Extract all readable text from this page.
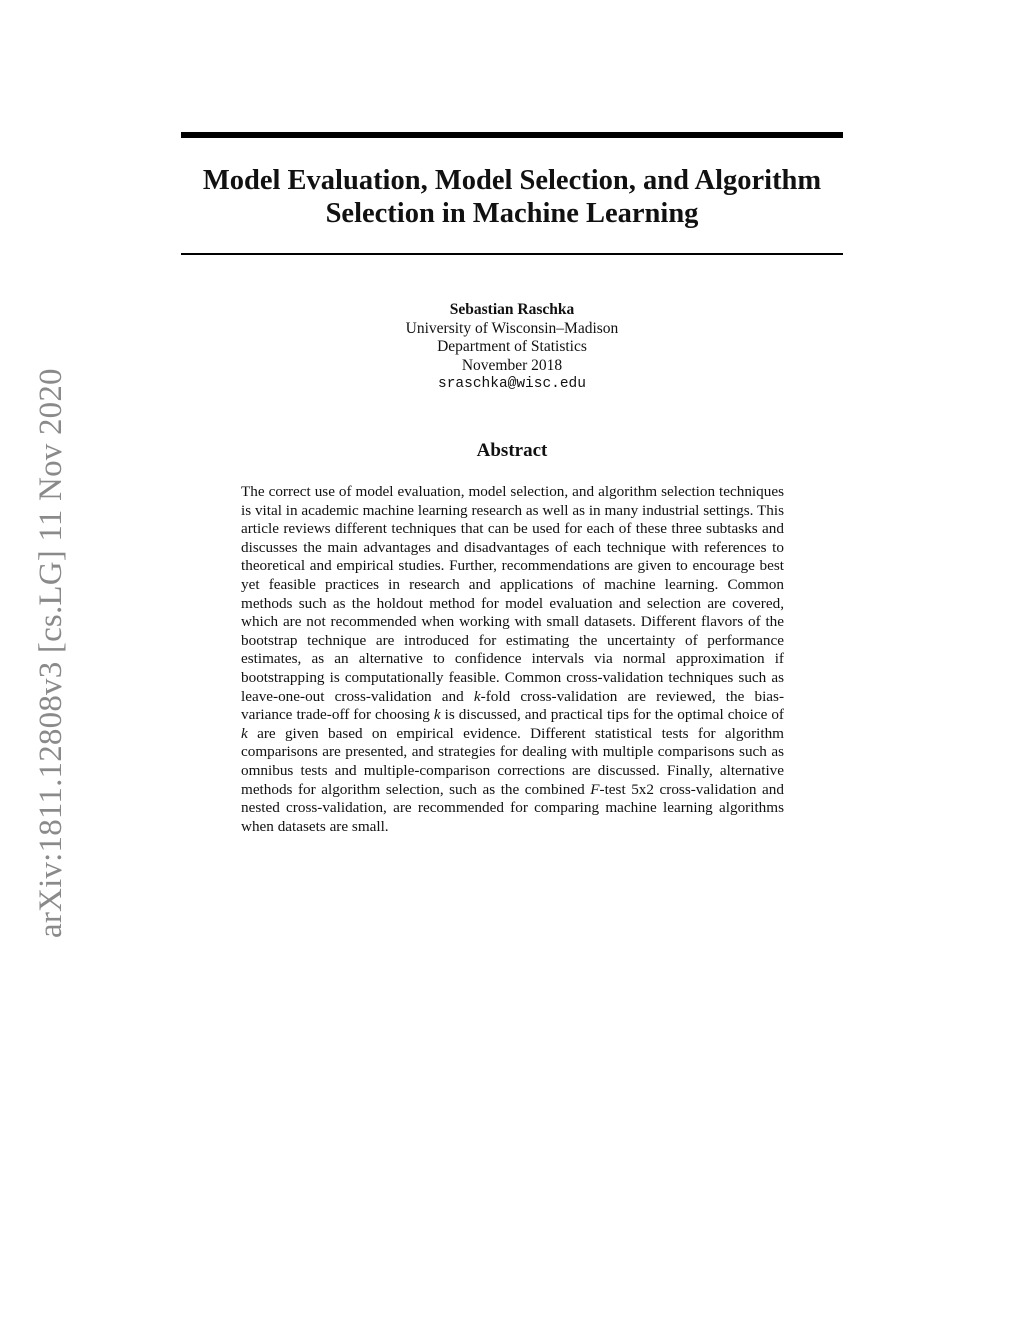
arXiv:1811.12808v3 [cs.LG] 11 Nov 2020
Model Evaluation, Model Selection, and Algorithm Selection in Machine Learning
Sebastian Raschka
University of Wisconsin–Madison
Department of Statistics
November 2018
sraschka@wisc.edu
Abstract

The correct use of model evaluation, model selection, and algorithm selection techniques is vital in academic machine learning research as well as in many industrial settings. This article reviews different techniques that can be used for each of these three subtasks and discusses the main advantages and disadvantages of each technique with references to theoretical and empirical studies. Further, recommendations are given to encourage best yet feasible practices in research and applications of machine learning. Common methods such as the holdout method for model evaluation and selection are covered, which are not recommended when working with small datasets. Different flavors of the bootstrap technique are introduced for estimating the uncertainty of performance estimates, as an alternative to confidence intervals via normal approximation if bootstrapping is computationally feasible. Common cross-validation techniques such as leave-one-out cross-validation and k-fold cross-validation are reviewed, the bias-variance trade-off for choosing k is discussed, and practical tips for the optimal choice of k are given based on empirical evidence. Different statistical tests for algorithm comparisons are presented, and strategies for dealing with multiple comparisons such as omnibus tests and multiple-comparison corrections are discussed. Finally, alternative methods for algorithm selection, such as the combined F-test 5x2 cross-validation and nested cross-validation, are recommended for comparing machine learning algorithms when datasets are small.
